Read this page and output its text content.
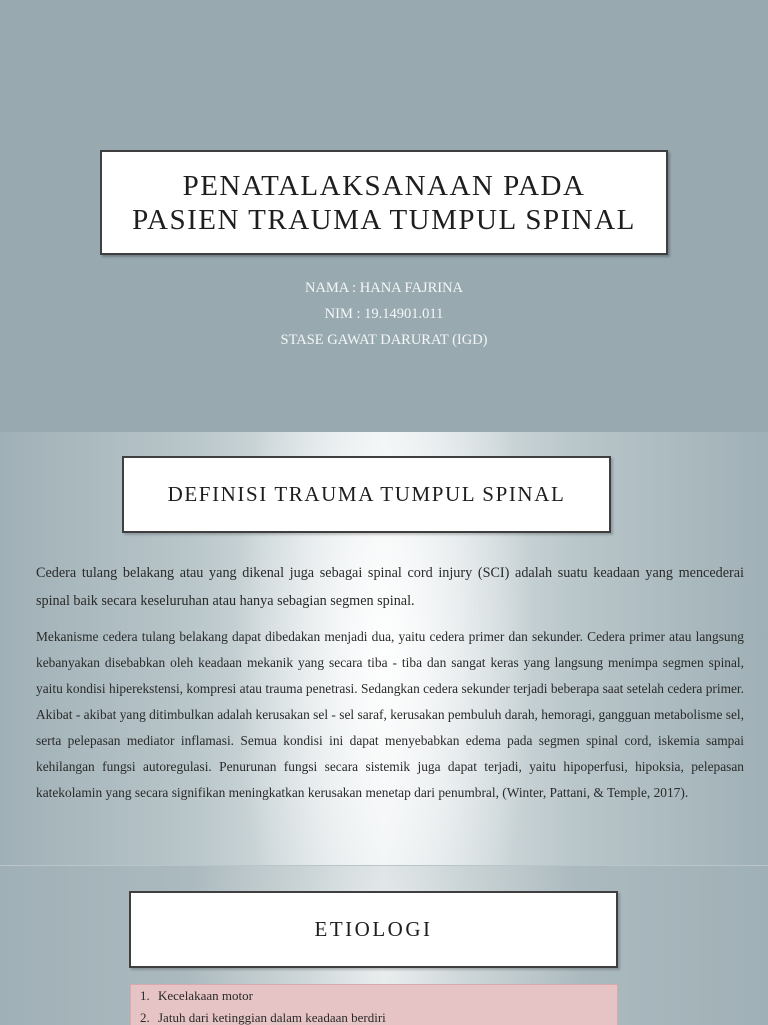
PENATALAKSANAAN PADA
PASIEN TRAUMA TUMPUL SPINAL
NAMA : HANA FAJRINA
NIM : 19.14901.011
STASE GAWAT DARURAT (IGD)
DEFINISI TRAUMA TUMPUL SPINAL

Cedera tulang belakang atau yang dikenal juga sebagai spinal cord injury (SCI) adalah suatu keadaan yang mencederai spinal baik secara keseluruhan atau hanya sebagian segmen spinal.

Mekanisme cedera tulang belakang dapat dibedakan menjadi dua, yaitu cedera primer dan sekunder. Cedera primer atau langsung kebanyakan disebabkan oleh keadaan mekanik yang secara tiba - tiba dan sangat keras yang langsung menimpa segmen spinal, yaitu kondisi hiperekstensi, kompresi atau trauma penetrasi. Sedangkan cedera sekunder terjadi beberapa saat setelah cedera primer. Akibat - akibat yang ditimbulkan adalah kerusakan sel - sel saraf, kerusakan pembuluh darah, hemoragi, gangguan metabolisme sel, serta pelepasan mediator inflamasi. Semua kondisi ini dapat menyebabkan edema pada segmen spinal cord, iskemia sampai kehilangan fungsi autoregulasi. Penurunan fungsi secara sistemik juga dapat terjadi, yaitu hipoperfusi, hipoksia, pelepasan katekolamin yang secara signifikan meningkatkan kerusakan menetap dari penumbral, (Winter, Pattani, & Temple, 2017).

ETIOLOGI
1. Kecelakaan motor
2. Jatuh dari ketinggian dalam keadaan berdiri
